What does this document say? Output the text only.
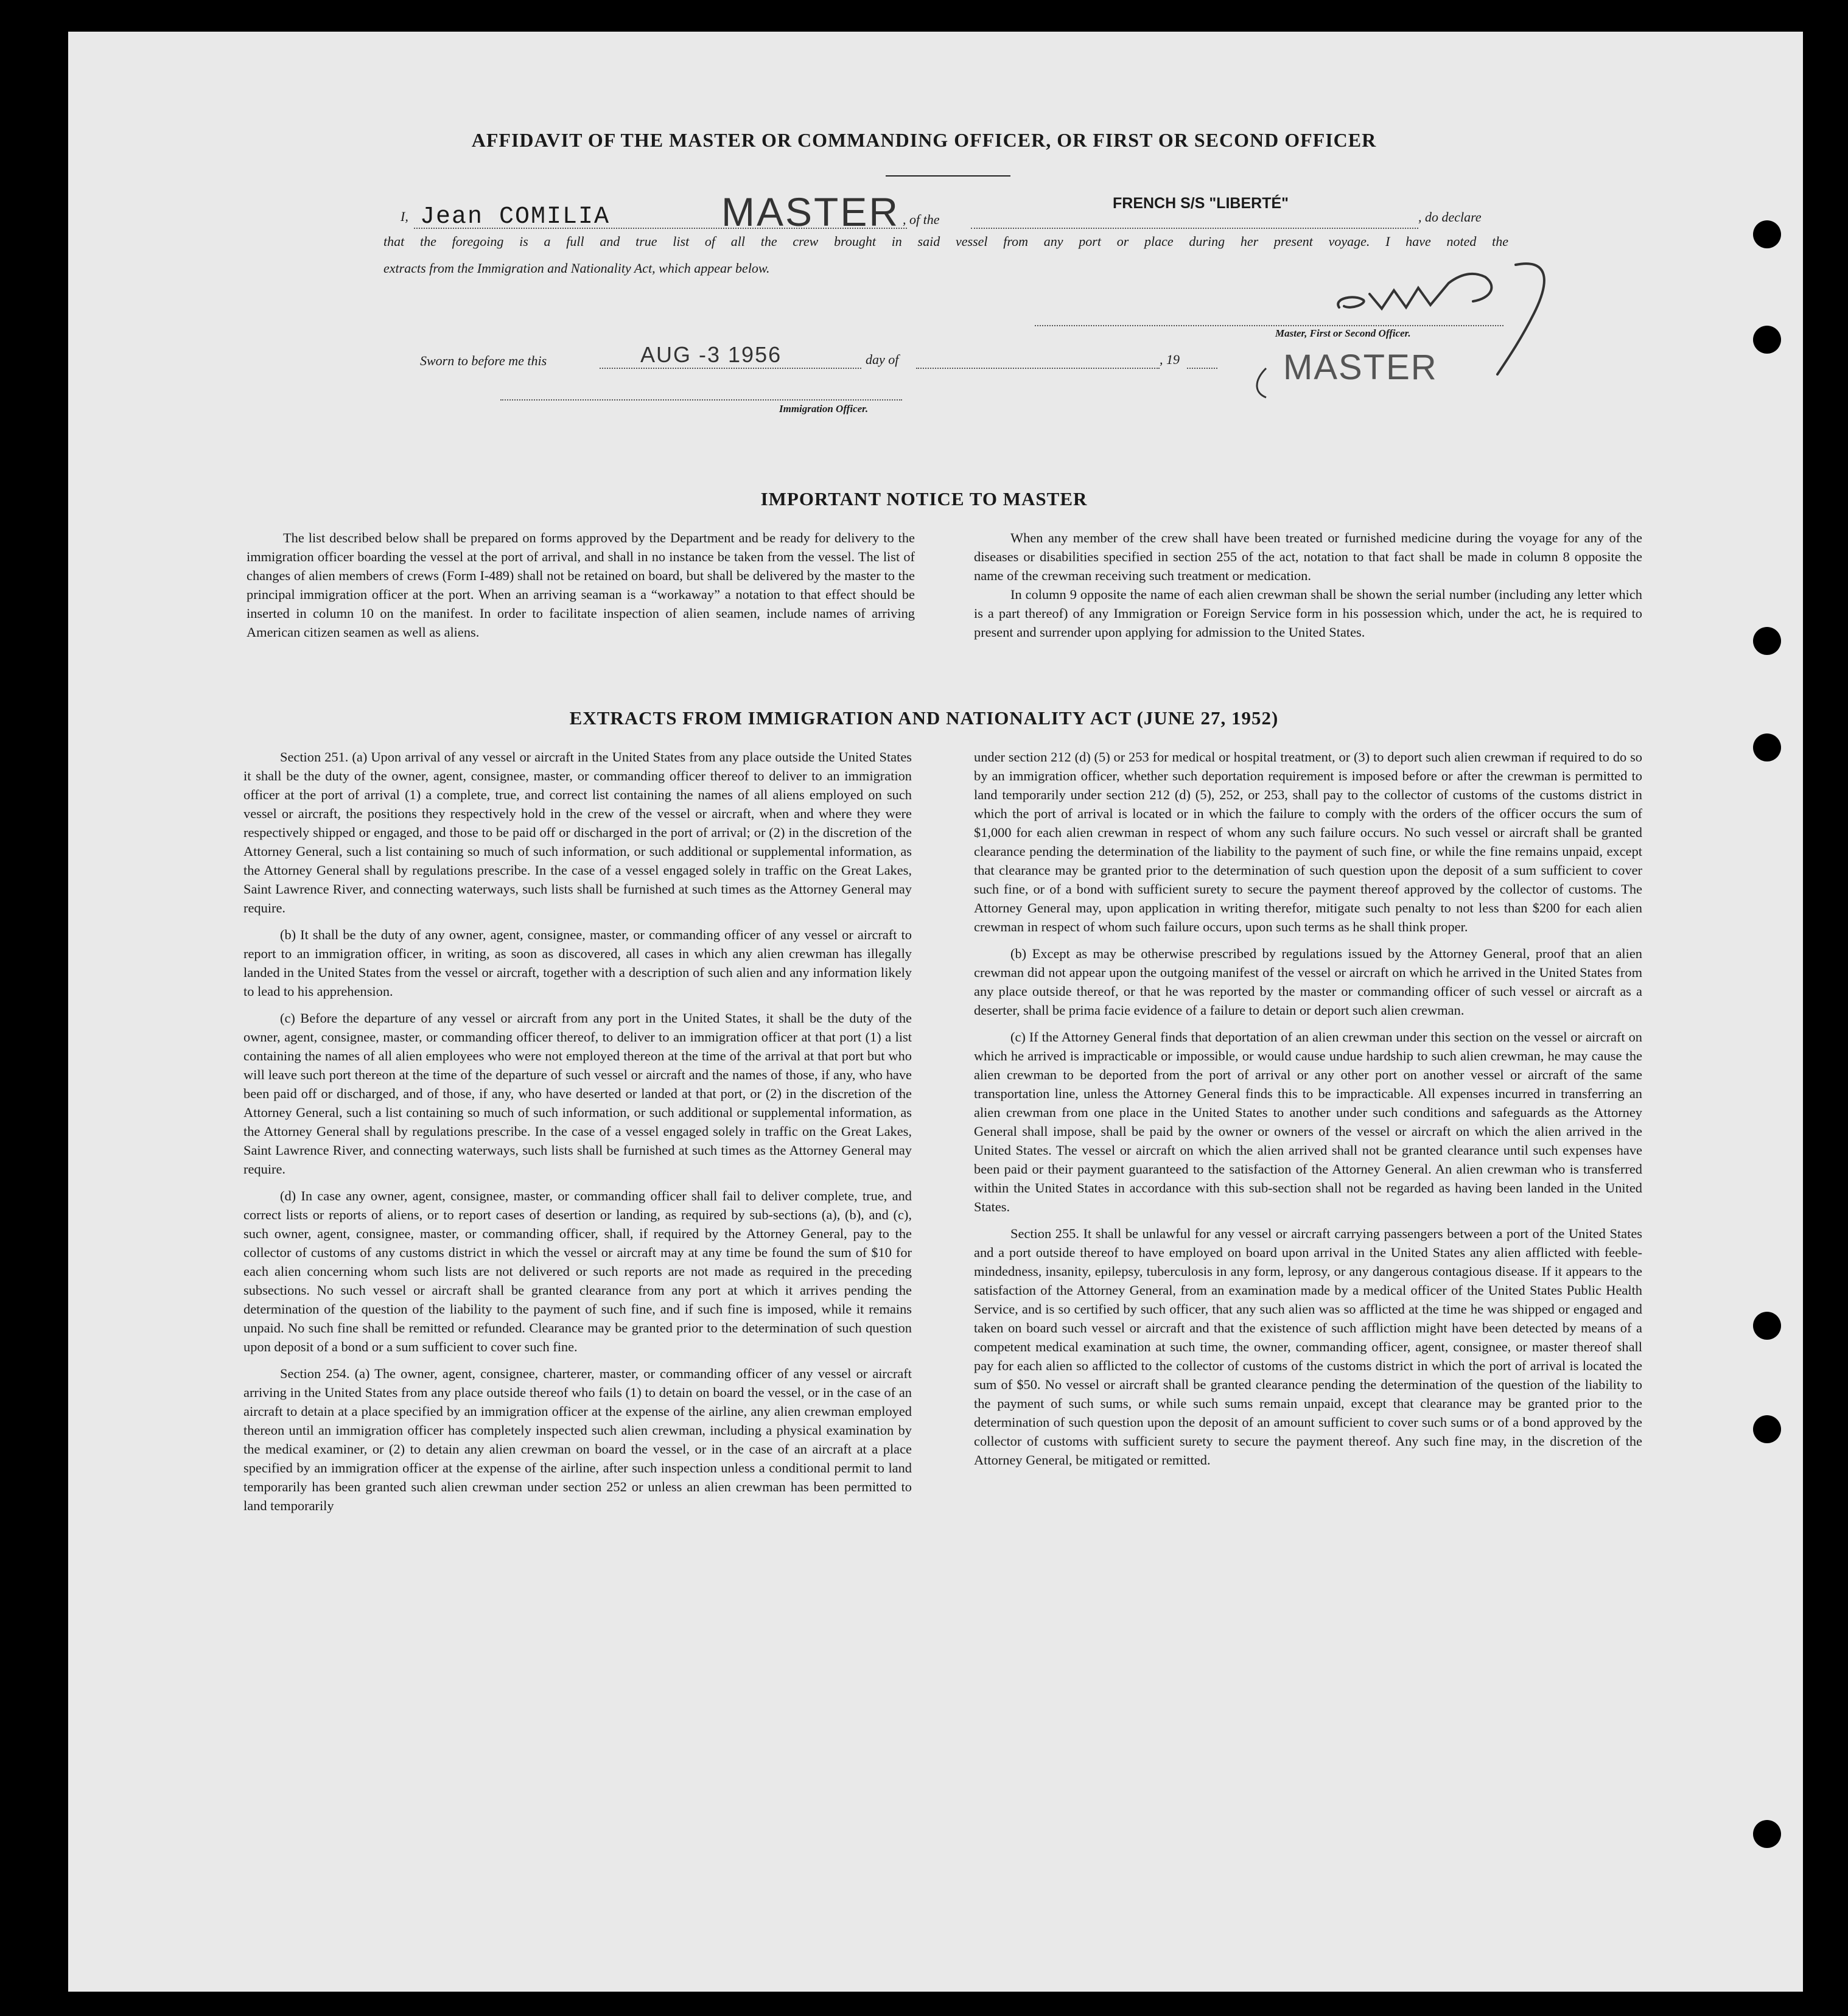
AFFIDAVIT OF THE MASTER OR COMMANDING OFFICER, OR FIRST OR SECOND OFFICER
I, Jean COMILIA	MASTER , of the
FRENCH S/S "LIBERTÉ"
, do declare
that the foregoing is a full and true list of all the crew brought in said vessel from any port or place during her present voyage. I have noted the
extracts from the Immigration and Nationality Act, which appear below.
Master, First or Second Officer.
MASTER
Sworn to before me this	AUG -3 1956	day of	, 19
Immigration Officer.
IMPORTANT NOTICE TO MASTER

The list described below shall be prepared on forms approved by the Department and be ready for delivery to the immigration officer boarding the vessel at the port of arrival, and shall in no instance be taken from the vessel. The list of changes of alien members of crews (Form I-489) shall not be retained on board, but shall be delivered by the master to the principal immigration officer at the port. When an arriving seaman is a “workaway” a notation to that effect should be inserted in column 10 on the manifest. In order to facilitate inspection of alien seamen, include names of arriving American citizen seamen as well as aliens.

When any member of the crew shall have been treated or furnished medicine during the voyage for any of the diseases or disabilities specified in section 255 of the act, notation to that fact shall be made in column 8 opposite the name of the crewman receiving such treatment or medication.

In column 9 opposite the name of each alien crewman shall be shown the serial number (including any letter which is a part thereof) of any Immigration or Foreign Service form in his possession which, under the act, he is required to present and surrender upon applying for admission to the United States.

EXTRACTS FROM IMMIGRATION AND NATIONALITY ACT (JUNE 27, 1952)

Section 251. (a) Upon arrival of any vessel or aircraft in the United States from any place outside the United States it shall be the duty of the owner, agent, consignee, master, or commanding officer thereof to deliver to an immigration officer at the port of arrival (1) a complete, true, and correct list containing the names of all aliens employed on such vessel or aircraft, the positions they respectively hold in the crew of the vessel or aircraft, when and where they were respectively shipped or engaged, and those to be paid off or discharged in the port of arrival; or (2) in the discretion of the Attorney General, such a list containing so much of such information, or such additional or supplemental information, as the Attorney General shall by regulations prescribe. In the case of a vessel engaged solely in traffic on the Great Lakes, Saint Lawrence River, and connecting waterways, such lists shall be furnished at such times as the Attorney General may require.

(b) It shall be the duty of any owner, agent, consignee, master, or commanding officer of any vessel or aircraft to report to an immigration officer, in writing, as soon as discovered, all cases in which any alien crewman has illegally landed in the United States from the vessel or aircraft, together with a description of such alien and any information likely to lead to his apprehension.

(c) Before the departure of any vessel or aircraft from any port in the United States, it shall be the duty of the owner, agent, consignee, master, or commanding officer thereof, to deliver to an immigration officer at that port (1) a list containing the names of all alien employees who were not employed thereon at the time of the arrival at that port but who will leave such port thereon at the time of the departure of such vessel or aircraft and the names of those, if any, who have been paid off or discharged, and of those, if any, who have deserted or landed at that port, or (2) in the discretion of the Attorney General, such a list containing so much of such information, or such additional or supplemental information, as the Attorney General shall by regulations prescribe. In the case of a vessel engaged solely in traffic on the Great Lakes, Saint Lawrence River, and connecting waterways, such lists shall be furnished at such times as the Attorney General may require.

(d) In case any owner, agent, consignee, master, or commanding officer shall fail to deliver complete, true, and correct lists or reports of aliens, or to report cases of desertion or landing, as required by sub-sections (a), (b), and (c), such owner, agent, consignee, master, or commanding officer, shall, if required by the Attorney General, pay to the collector of customs of any customs district in which the vessel or aircraft may at any time be found the sum of $10 for each alien concerning whom such lists are not delivered or such reports are not made as required in the preceding subsections. No such vessel or aircraft shall be granted clearance from any port at which it arrives pending the determination of the question of the liability to the payment of such fine, and if such fine is imposed, while it remains unpaid. No such fine shall be remitted or refunded. Clearance may be granted prior to the determination of such question upon deposit of a bond or a sum sufficient to cover such fine.

Section 254. (a) The owner, agent, consignee, charterer, master, or commanding officer of any vessel or aircraft arriving in the United States from any place outside thereof who fails (1) to detain on board the vessel, or in the case of an aircraft to detain at a place specified by an immigration officer at the expense of the airline, any alien crewman employed thereon until an immigration officer has completely inspected such alien crewman, including a physical examination by the medical examiner, or (2) to detain any alien crewman on board the vessel, or in the case of an aircraft at a place specified by an immigration officer at the expense of the airline, after such inspection unless a conditional permit to land temporarily has been granted such alien crewman under section 252 or unless an alien crewman has been permitted to land temporarily

under section 212 (d) (5) or 253 for medical or hospital treatment, or (3) to deport such alien crewman if required to do so by an immigration officer, whether such deportation requirement is imposed before or after the crewman is permitted to land temporarily under section 212 (d) (5), 252, or 253, shall pay to the collector of customs of the customs district in which the port of arrival is located or in which the failure to comply with the orders of the officer occurs the sum of $1,000 for each alien crewman in respect of whom any such failure occurs. No such vessel or aircraft shall be granted clearance pending the determination of the liability to the payment of such fine, or while the fine remains unpaid, except that clearance may be granted prior to the determination of such question upon the deposit of a sum sufficient to cover such fine, or of a bond with sufficient surety to secure the payment thereof approved by the collector of customs. The Attorney General may, upon application in writing therefor, mitigate such penalty to not less than $200 for each alien crewman in respect of whom such failure occurs, upon such terms as he shall think proper.

(b) Except as may be otherwise prescribed by regulations issued by the Attorney General, proof that an alien crewman did not appear upon the outgoing manifest of the vessel or aircraft on which he arrived in the United States from any place outside thereof, or that he was reported by the master or commanding officer of such vessel or aircraft as a deserter, shall be prima facie evidence of a failure to detain or deport such alien crewman.

(c) If the Attorney General finds that deportation of an alien crewman under this section on the vessel or aircraft on which he arrived is impracticable or impossible, or would cause undue hardship to such alien crewman, he may cause the alien crewman to be deported from the port of arrival or any other port on another vessel or aircraft of the same transportation line, unless the Attorney General finds this to be impracticable. All expenses incurred in transferring an alien crewman from one place in the United States to another under such conditions and safeguards as the Attorney General shall impose, shall be paid by the owner or owners of the vessel or aircraft on which the alien arrived in the United States. The vessel or aircraft on which the alien arrived shall not be granted clearance until such expenses have been paid or their payment guaranteed to the satisfaction of the Attorney General. An alien crewman who is transferred within the United States in accordance with this sub-section shall not be regarded as having been landed in the United States.

Section 255. It shall be unlawful for any vessel or aircraft carrying passengers between a port of the United States and a port outside thereof to have employed on board upon arrival in the United States any alien afflicted with feeble-mindedness, insanity, epilepsy, tuberculosis in any form, leprosy, or any dangerous contagious disease. If it appears to the satisfaction of the Attorney General, from an examination made by a medical officer of the United States Public Health Service, and is so certified by such officer, that any such alien was so afflicted at the time he was shipped or engaged and taken on board such vessel or aircraft and that the existence of such affliction might have been detected by means of a competent medical examination at such time, the owner, commanding officer, agent, consignee, or master thereof shall pay for each alien so afflicted to the collector of customs of the customs district in which the port of arrival is located the sum of $50. No vessel or aircraft shall be granted clearance pending the determination of the question of the liability to the payment of such sums, or while such sums remain unpaid, except that clearance may be granted prior to the determination of such question upon the deposit of an amount sufficient to cover such sums or of a bond approved by the collector of customs with sufficient surety to secure the payment thereof. Any such fine may, in the discretion of the Attorney General, be mitigated or remitted.
